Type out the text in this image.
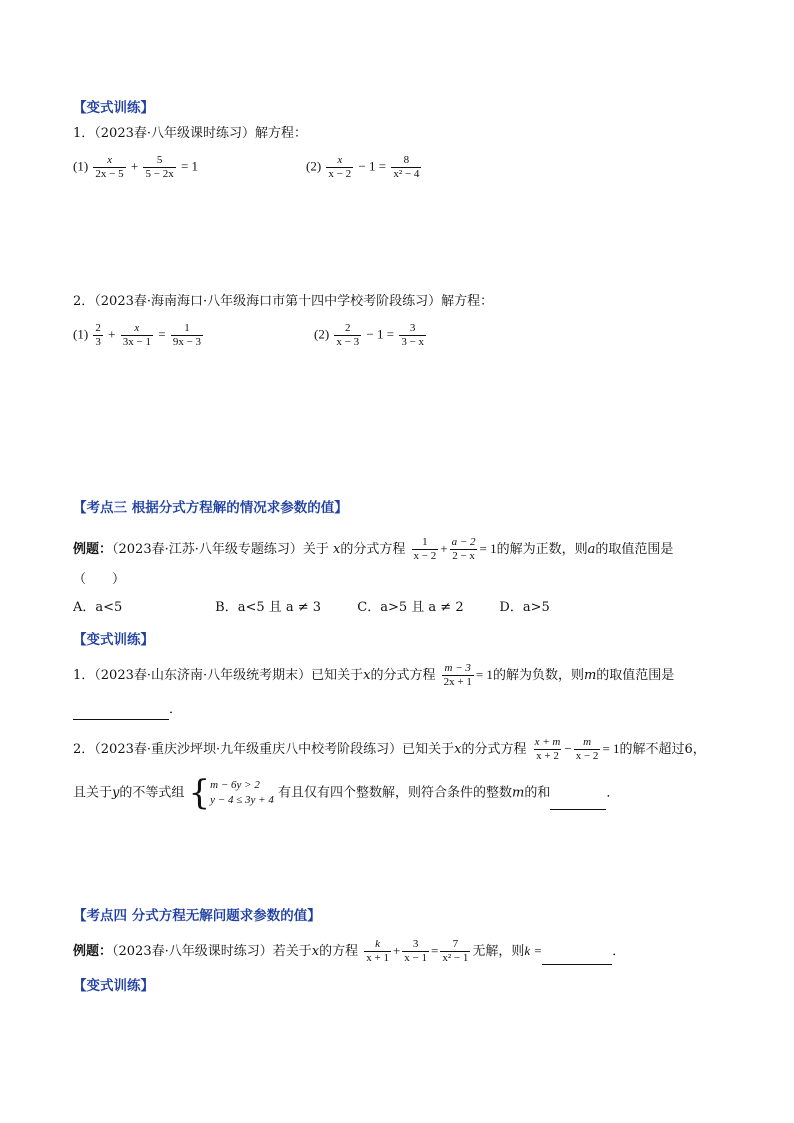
【变式训练】
1．（2023春·八年级课时练习）解方程：
$(1) \frac{x}{2x - 5} + \frac{5}{5 - 2x} = 1$	$(2) \frac{x}{x - 2} - 1 = \frac{8}{\text{x² − 4}}$
2．（2023春·海南海口·八年级海口市第十四中学校考阶段练习）解方程：
$(1) \frac{2}{3} + \frac{x}{3x - 1} = \frac{1}{9x - 3}$	$(2) \frac{2}{x - 3} - 1 = \frac{3}{3 - x}$
【考点三 根据分式方程解的情况求参数的值】
例题：（2023春·江苏·八年级专题练习）关于 x的分式方程 $\frac{1}{x - 2} + \frac{a - 2}{2 - x} = 1$的解为正数，则a的取值范围是
（　　）
A．a<5	B．a<5 且 a ≠ 3	C．a>5 且 a ≠ 2	D．a>5
【变式训练】
1．（2023春·山东济南·八年级统考期末）已知关于x的分式方程 $\frac{m - 3}{2x + 1} = 1$的解为负数，则m的取值范围是
．
2．（2023春·重庆沙坪坝·九年级重庆八中校考阶段练习）已知关于x的分式方程 $\frac{x + m}{x + 2} - \frac{m}{x - 2} = 1$的解不超过6，
且关于y的不等式组 { m − 6y > 2
y − 4 ≤ 3y + 4 有且仅有四个整数解，则符合条件的整数m的和	．
【考点四 分式方程无解问题求参数的值】
例题：（2023春·八年级课时练习）若关于x的方程 $\frac{k}{x + 1} + \frac{3}{x - 1} = \frac{7}{\text{x² − 1}}$ 无解，则k =	．
【变式训练】
